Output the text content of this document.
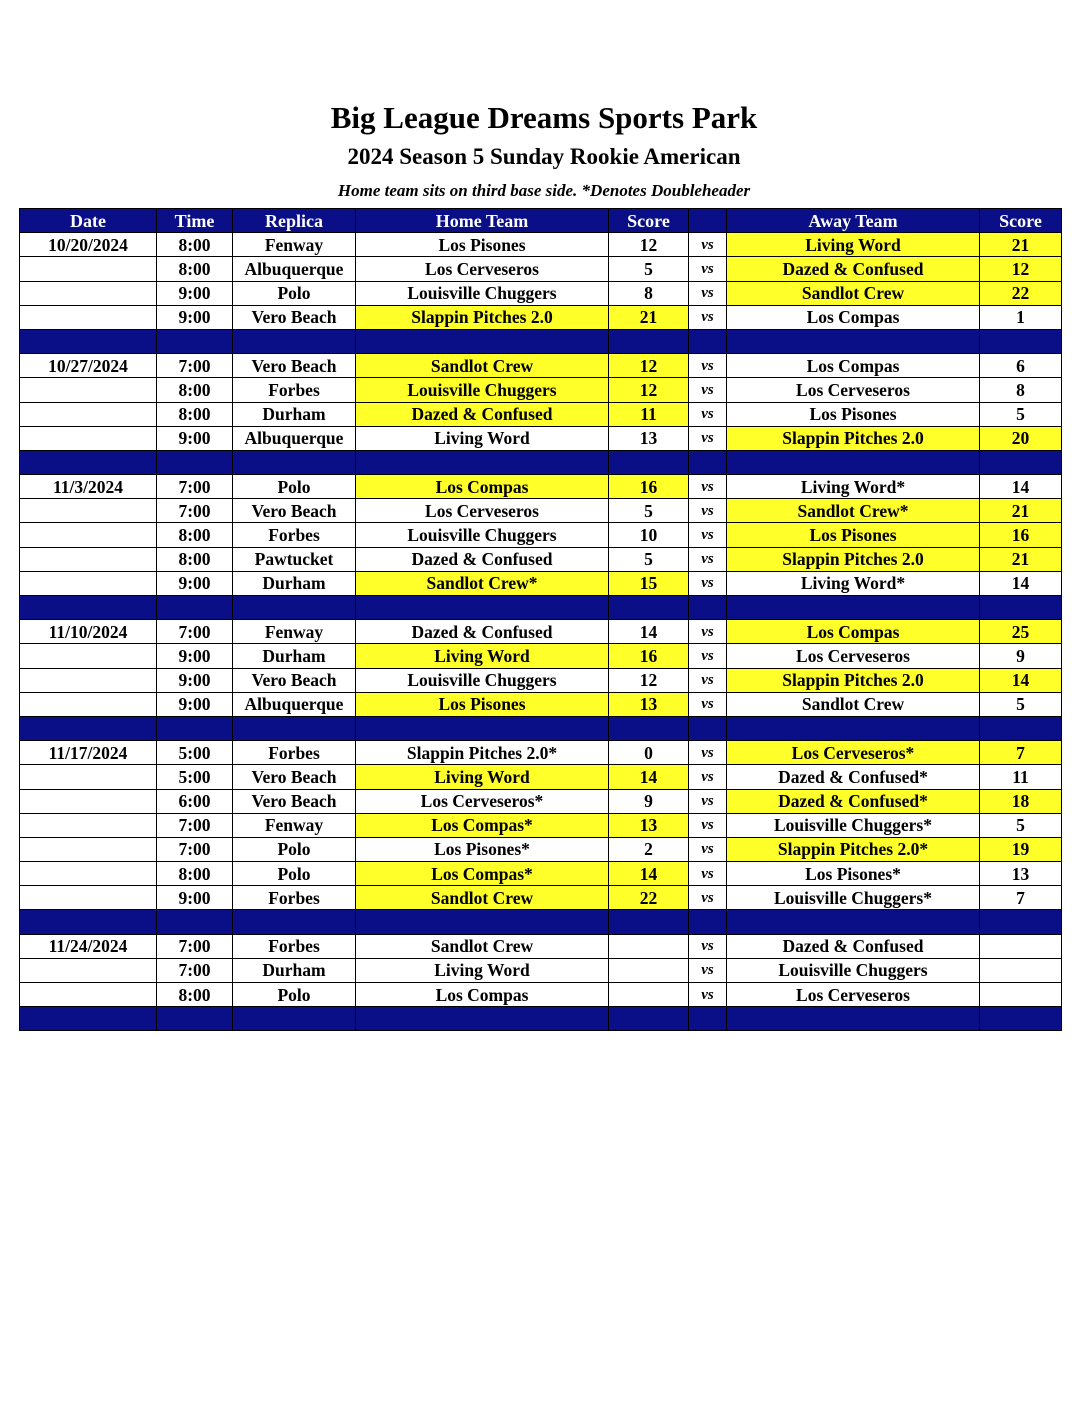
Big League Dreams Sports Park
2024 Season 5 Sunday Rookie American
Home team sits on third base side. *Denotes Doubleheader
Date	Time	Replica	Home Team	Score		Away Team	Score
10/20/2024	8:00	Fenway	Los Pisones	12	vs	Living Word	21
	8:00	Albuquerque	Los Cerveseros	5	vs	Dazed & Confused	12
	9:00	Polo	Louisville Chuggers	8	vs	Sandlot Crew	22
	9:00	Vero Beach	Slappin Pitches 2.0	21	vs	Los Compas	1

10/27/2024	7:00	Vero Beach	Sandlot Crew	12	vs	Los Compas	6
	8:00	Forbes	Louisville Chuggers	12	vs	Los Cerveseros	8
	8:00	Durham	Dazed & Confused	11	vs	Los Pisones	5
	9:00	Albuquerque	Living Word	13	vs	Slappin Pitches 2.0	20

11/3/2024	7:00	Polo	Los Compas	16	vs	Living Word*	14
	7:00	Vero Beach	Los Cerveseros	5	vs	Sandlot Crew*	21
	8:00	Forbes	Louisville Chuggers	10	vs	Los Pisones	16
	8:00	Pawtucket	Dazed & Confused	5	vs	Slappin Pitches 2.0	21
	9:00	Durham	Sandlot Crew*	15	vs	Living Word*	14

11/10/2024	7:00	Fenway	Dazed & Confused	14	vs	Los Compas	25
	9:00	Durham	Living Word	16	vs	Los Cerveseros	9
	9:00	Vero Beach	Louisville Chuggers	12	vs	Slappin Pitches 2.0	14
	9:00	Albuquerque	Los Pisones	13	vs	Sandlot Crew	5

11/17/2024	5:00	Forbes	Slappin Pitches 2.0*	0	vs	Los Cerveseros*	7
	5:00	Vero Beach	Living Word	14	vs	Dazed & Confused*	11
	6:00	Vero Beach	Los Cerveseros*	9	vs	Dazed & Confused*	18
	7:00	Fenway	Los Compas*	13	vs	Louisville Chuggers*	5
	7:00	Polo	Los Pisones*	2	vs	Slappin Pitches 2.0*	19
	8:00	Polo	Los Compas*	14	vs	Los Pisones*	13
	9:00	Forbes	Sandlot Crew	22	vs	Louisville Chuggers*	7

11/24/2024	7:00	Forbes	Sandlot Crew		vs	Dazed & Confused	
	7:00	Durham	Living Word		vs	Louisville Chuggers	
	8:00	Polo	Los Compas		vs	Los Cerveseros	
